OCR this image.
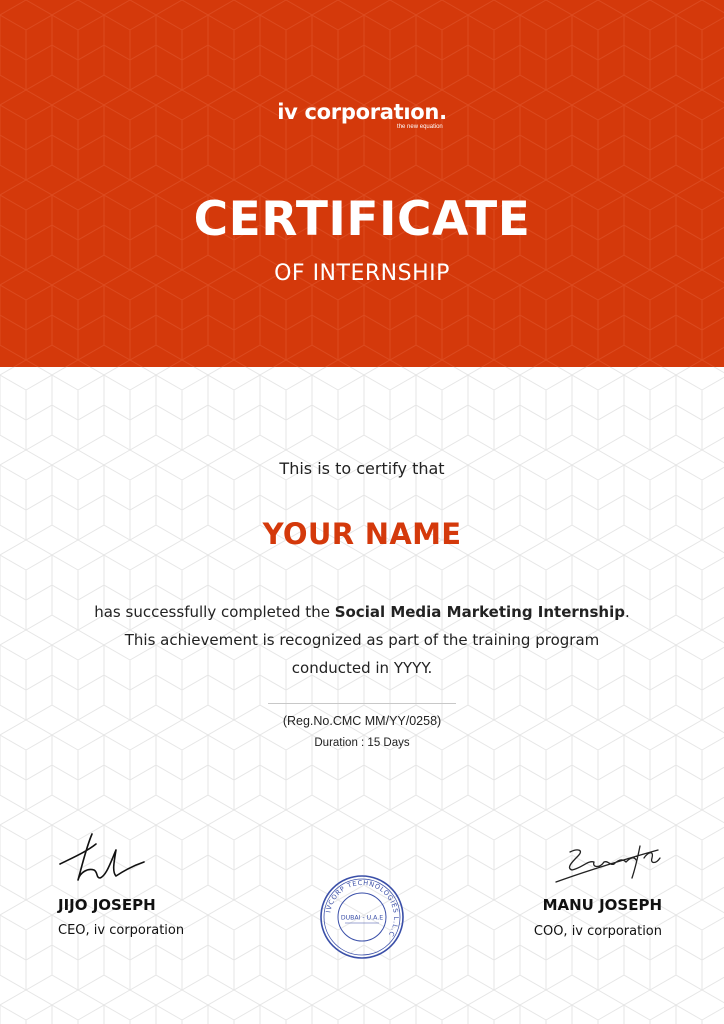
iv corporatıon.
the new equation
CERTIFICATE
OF INTERNSHIP
This is to certify that
YOUR NAME
has successfully completed the Social Media Marketing Internship.
This achievement is recognized as part of the training program
conducted in YYYY.
(Reg.No.CMC MM/YY/0258)
Duration : 15 Days
JIJO JOSEPH
CEO, iv corporation
MANU JOSEPH
COO, iv corporation
IVCORP TECHNOLOGIES L.L.C
DUBAI - U.A.E
